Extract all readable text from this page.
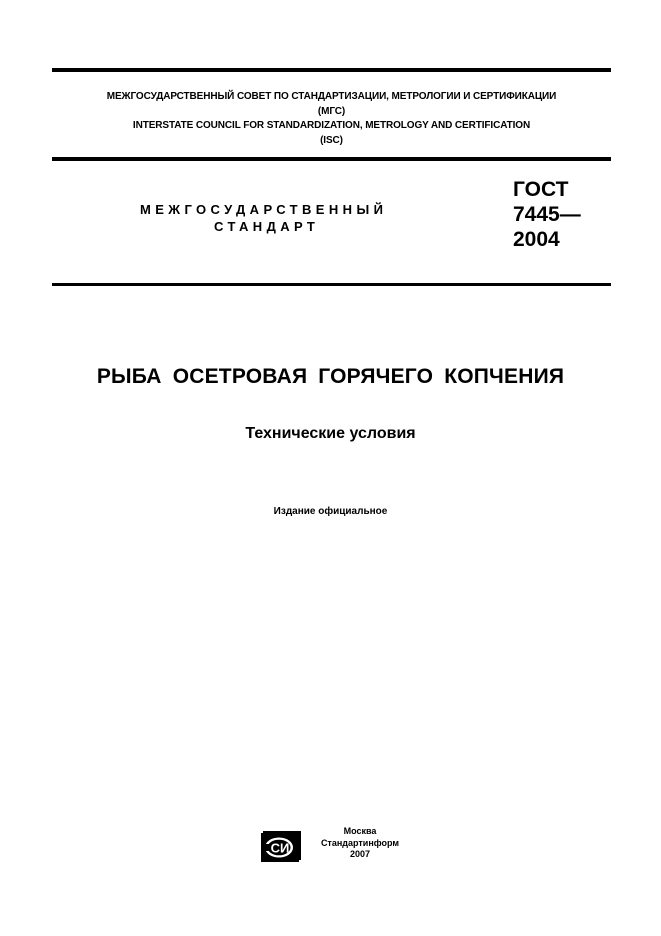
МЕЖГОСУДАРСТВЕННЫЙ СОВЕТ ПО СТАНДАРТИЗАЦИИ, МЕТРОЛОГИИ И СЕРТИФИКАЦИИ
(МГС)
INTERSTATE COUNCIL FOR STANDARDIZATION, METROLOGY AND CERTIFICATION
(ISC)
МЕЖГОСУДАРСТВЕННЫЙ
СТАНДАРТ
ГОСТ
7445—
2004
РЫБА ОСЕТРОВАЯ ГОРЯЧЕГО КОПЧЕНИЯ
Технические условия
Издание официальное
СИ
Москва
Стандартинформ
2007
